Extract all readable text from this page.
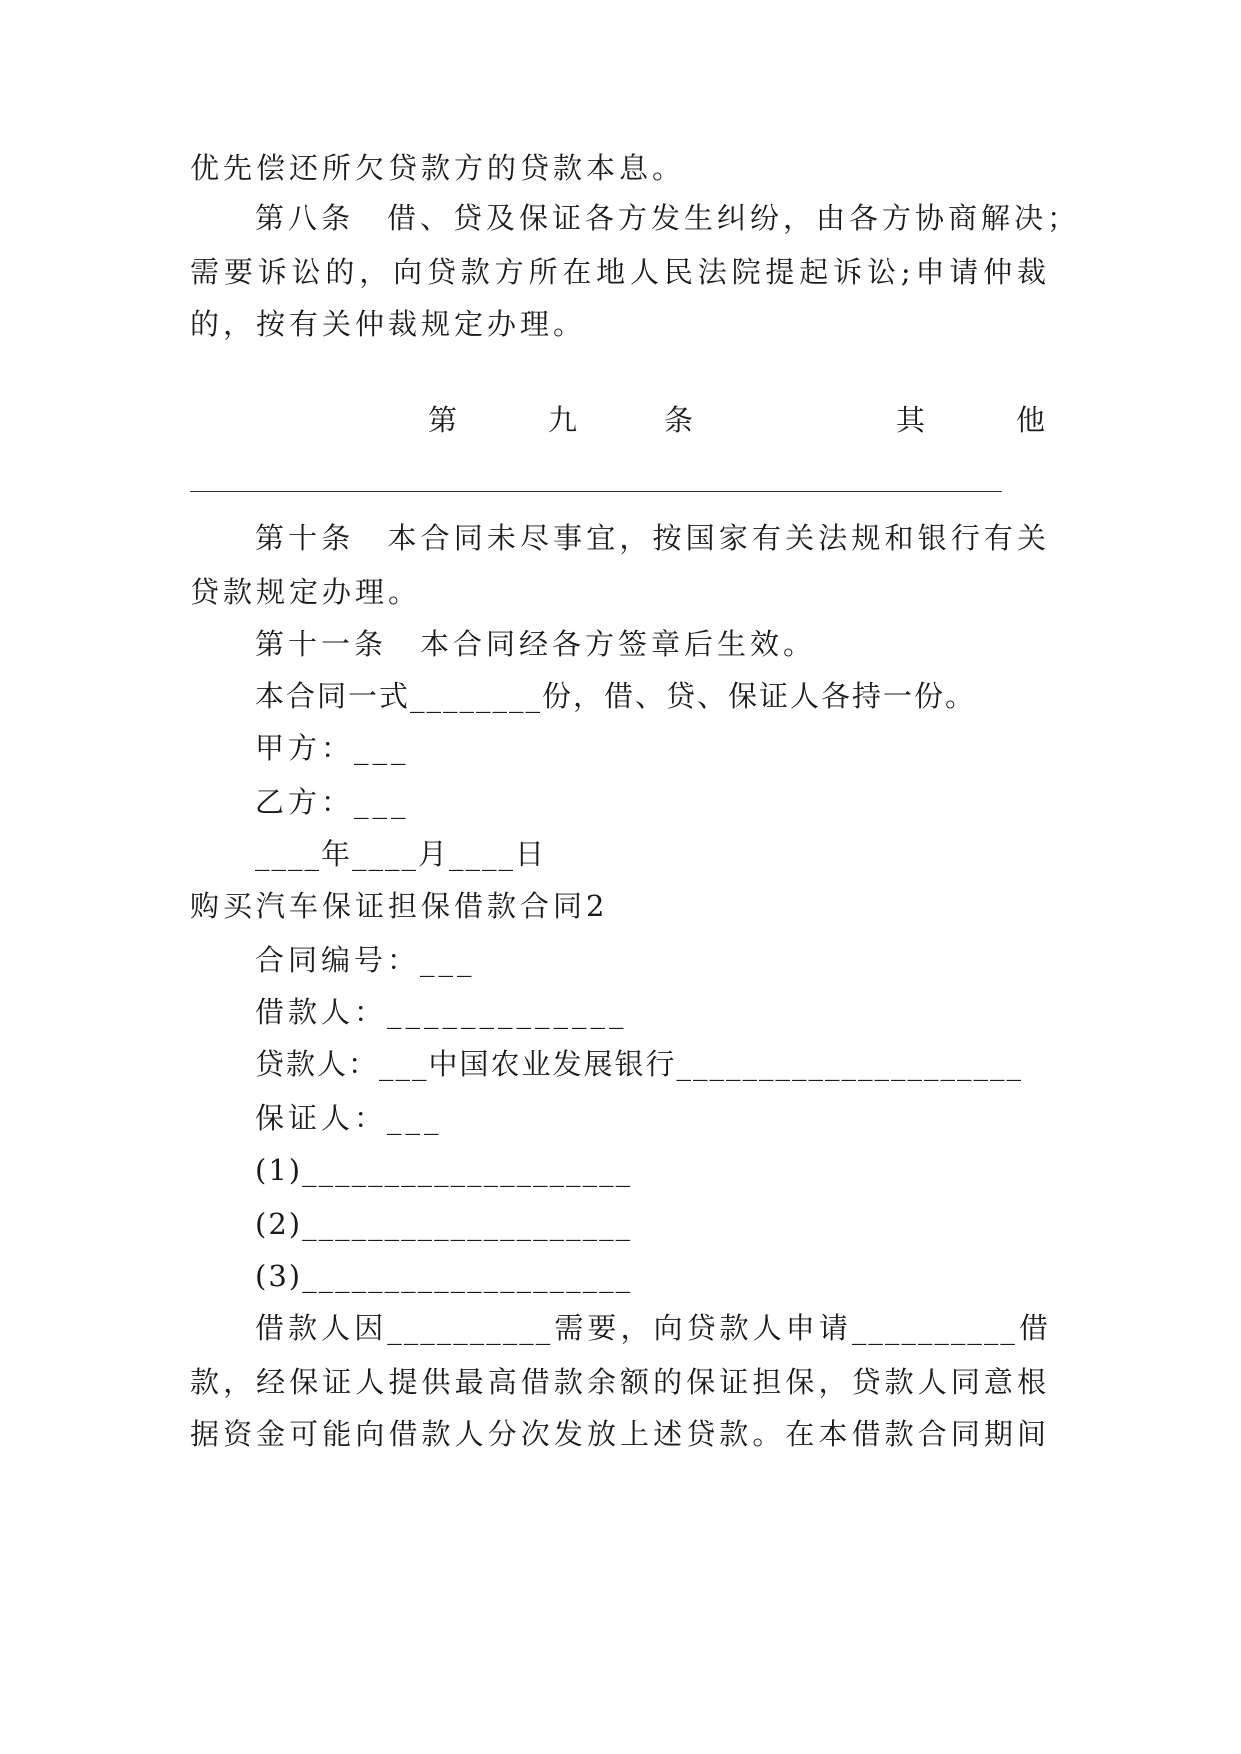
优先偿还所欠贷款方的贷款本息。
第八条　借、贷及保证各方发生纠纷，由各方协商解决；
需要诉讼的，向贷款方所在地人民法院提起诉讼;申请仲裁
的，按有关仲裁规定办理。
第	九	条	其	他
第十条　本合同未尽事宜，按国家有关法规和银行有关
贷款规定办理。
第十一条　本合同经各方签章后生效。
本合同一式________份，借、贷、保证人各持一份。
甲方：___
乙方：___
____年____月____日
购买汽车保证担保借款合同2
合同编号：___
借款人：_____________
贷款人：___中国农业发展银行_____________________
保证人：___
(1)____________________
(2)____________________
(3)____________________
借款人因__________需要，向贷款人申请__________借
款，经保证人提供最高借款余额的保证担保，贷款人同意根
据资金可能向借款人分次发放上述贷款。在本借款合同期间
